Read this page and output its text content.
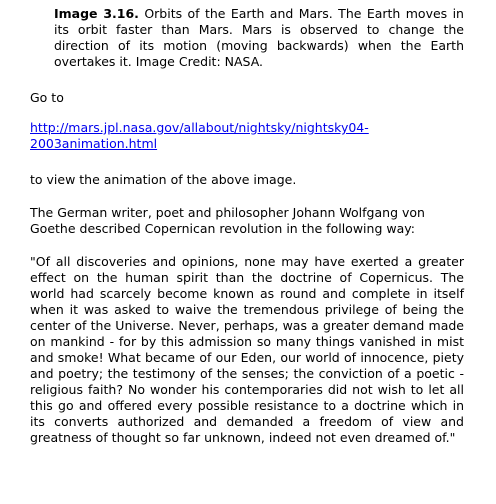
Image 3.16. Orbits of the Earth and Mars. The Earth moves in its orbit faster than Mars. Mars is observed to change the direction of its motion (moving backwards) when the Earth overtakes it. Image Credit: NASA.

Go to

http://mars.jpl.nasa.gov/allabout/nightsky/nightsky04-
2003animation.html

to view the animation of the above image.

The German writer, poet and philosopher Johann Wolfgang von Goethe described Copernican revolution in the following way:

"Of all discoveries and opinions, none may have exerted a greater effect on the human spirit than the doctrine of Copernicus. The world had scarcely become known as round and complete in itself when it was asked to waive the tremendous privilege of being the center of the Universe. Never, perhaps, was a greater demand made on mankind - for by this admission so many things vanished in mist and smoke! What became of our Eden, our world of innocence, piety and poetry; the testimony of the senses; the conviction of a poetic - religious faith? No wonder his contemporaries did not wish to let all this go and offered every possible resistance to a doctrine which in its converts authorized and demanded a freedom of view and greatness of thought so far unknown, indeed not even dreamed of."
